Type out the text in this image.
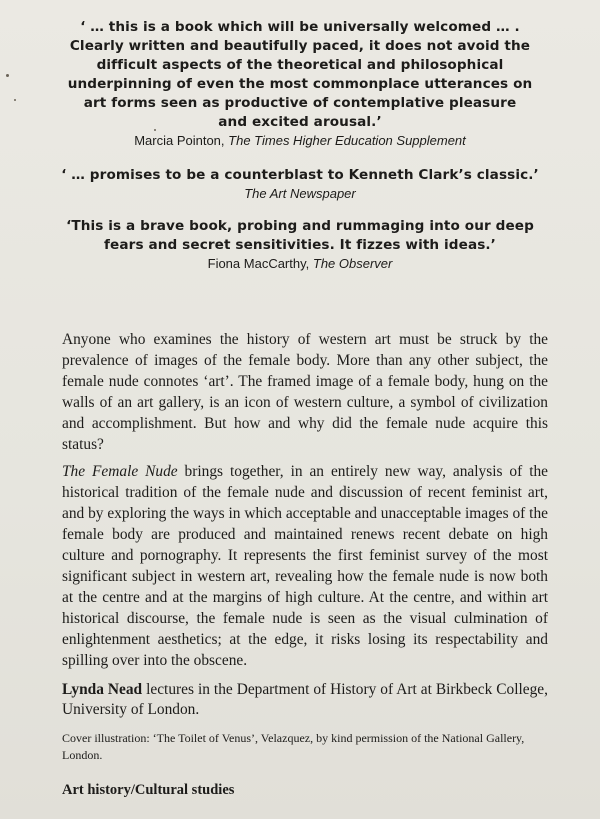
‘ … this is a book which will be universally welcomed … .
Clearly written and beautifully paced, it does not avoid the
difficult aspects of the theoretical and philosophical
underpinning of even the most commonplace utterances on
art forms seen as productive of contemplative pleasure
and excited arousal.’
Marcia Pointon, The Times Higher Education Supplement
‘ … promises to be a counterblast to Kenneth Clark’s classic.’
The Art Newspaper
‘This is a brave book, probing and rummaging into our deep
fears and secret sensitivities. It fizzes with ideas.’
Fiona MacCarthy, The Observer

Anyone who examines the history of western art must be struck by the prevalence of images of the female body. More than any other subject, the female nude connotes ‘art’. The framed image of a female body, hung on the walls of an art gallery, is an icon of western culture, a symbol of civilization and accomplishment. But how and why did the female nude acquire this status?

The Female Nude brings together, in an entirely new way, analysis of the historical tradition of the female nude and discussion of recent feminist art, and by exploring the ways in which acceptable and unacceptable images of the female body are produced and maintained renews recent debate on high culture and pornography. It represents the first feminist survey of the most significant subject in western art, revealing how the female nude is now both at the centre and at the margins of high culture. At the centre, and within art historical discourse, the female nude is seen as the visual culmination of enlightenment aesthetics; at the edge, it risks losing its respectability and spilling over into the obscene.

Lynda Nead lectures in the Department of History of Art at Birkbeck College, University of London.

Cover illustration: ‘The Toilet of Venus’, Velazquez, by kind permission of the National Gallery, London.

Art history/Cultural studies
